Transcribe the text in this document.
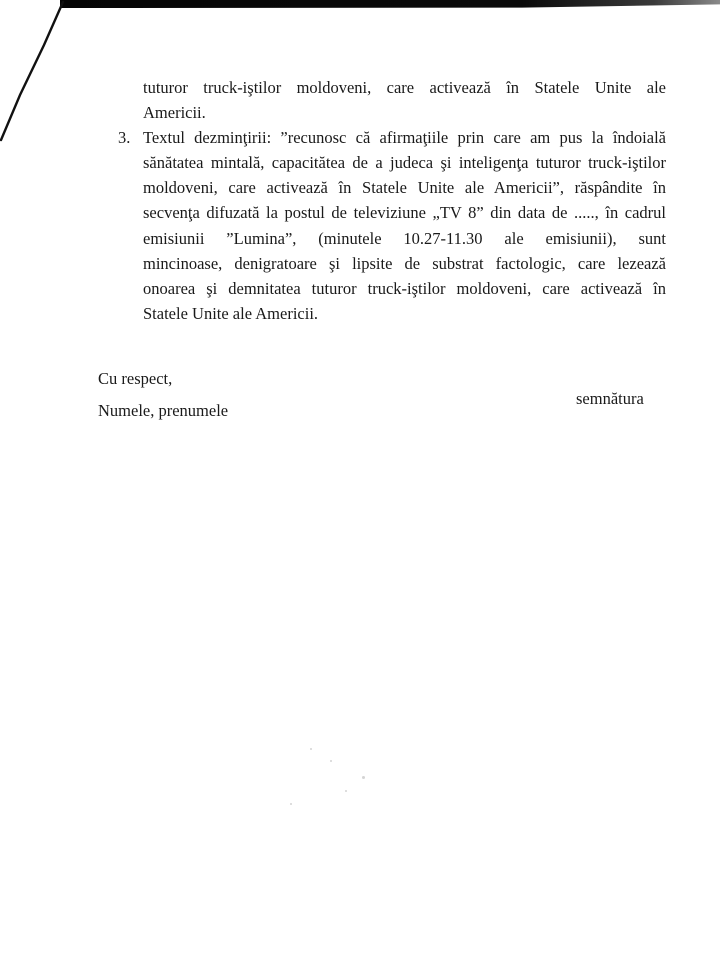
tuturor truck-iştilor moldoveni, care activează în Statele Unite ale
Americii.
3. Textul dezminţirii: ”recunosc că afirmaţiile prin care am pus la îndoială
sănătatea mintală, capacitătea de a judeca şi inteligenţa tuturor truck-iştilor
moldoveni, care activează în Statele Unite ale Americii”, răspândite în
secvenţa difuzată la postul de televiziune „TV 8” din data de ....., în cadrul
emisiunii ”Lumina”, (minutele 10.27-11.30 ale emisiunii), sunt
mincinoase, denigratoare şi lipsite de substrat factologic, care lezează
onoarea şi demnitatea tuturor truck-iştilor moldoveni, care activează în
Statele Unite ale Americii.
Cu respect,
Numele, prenumele
semnătura
